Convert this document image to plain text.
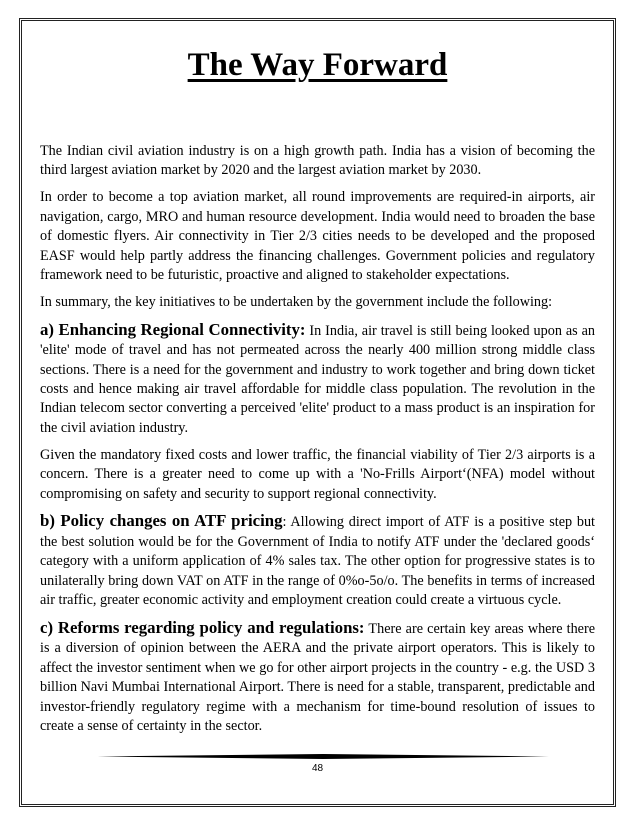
The Way Forward

The Indian civil aviation industry is on a high growth path. India has a vision of becoming the third largest aviation market by 2020 and the largest aviation market by 2030.

In order to become a top aviation market, all round improvements are required-in airports, air navigation, cargo, MRO and human resource development. India would need to broaden the base of domestic flyers. Air connectivity in Tier 2/3 cities needs to be developed and the proposed EASF would help partly address the financing challenges. Government policies and regulatory framework need to be futuristic, proactive and aligned to stakeholder expectations.

In summary, the key initiatives to be undertaken by the government include the following:

a) Enhancing Regional Connectivity: In India, air travel is still being looked upon as an 'elite' mode of travel and has not permeated across the nearly 400 million strong middle class sections. There is a need for the government and industry to work together and bring down ticket costs and hence making air travel affordable for middle class population. The revolution in the Indian telecom sector converting a perceived 'elite' product to a mass product is an inspiration for the civil aviation industry.

Given the mandatory fixed costs and lower traffic, the financial viability of Tier 2/3 airports is a concern. There is a greater need to come up with a 'No-Frills Airport‘(NFA) model without compromising on safety and security to support regional connectivity.

b) Policy changes on ATF pricing: Allowing direct import of ATF is a positive step but the best solution would be for the Government of India to notify ATF under the 'declared goods‘ category with a uniform application of 4% sales tax. The other option for progressive states is to unilaterally bring down VAT on ATF in the range of 0%o-5o/o. The benefits in terms of increased air traffic, greater economic activity and employment creation could create a virtuous cycle.

c) Reforms regarding policy and regulations: There are certain key areas where there is a diversion of opinion between the AERA and the private airport operators. This is likely to affect the investor sentiment when we go for other airport projects in the country - e.g. the USD 3 billion Navi Mumbai International Airport. There is need for a stable, transparent, predictable and investor-friendly regulatory regime with a mechanism for time-bound resolution of issues to create a sense of certainty in the sector.

48
